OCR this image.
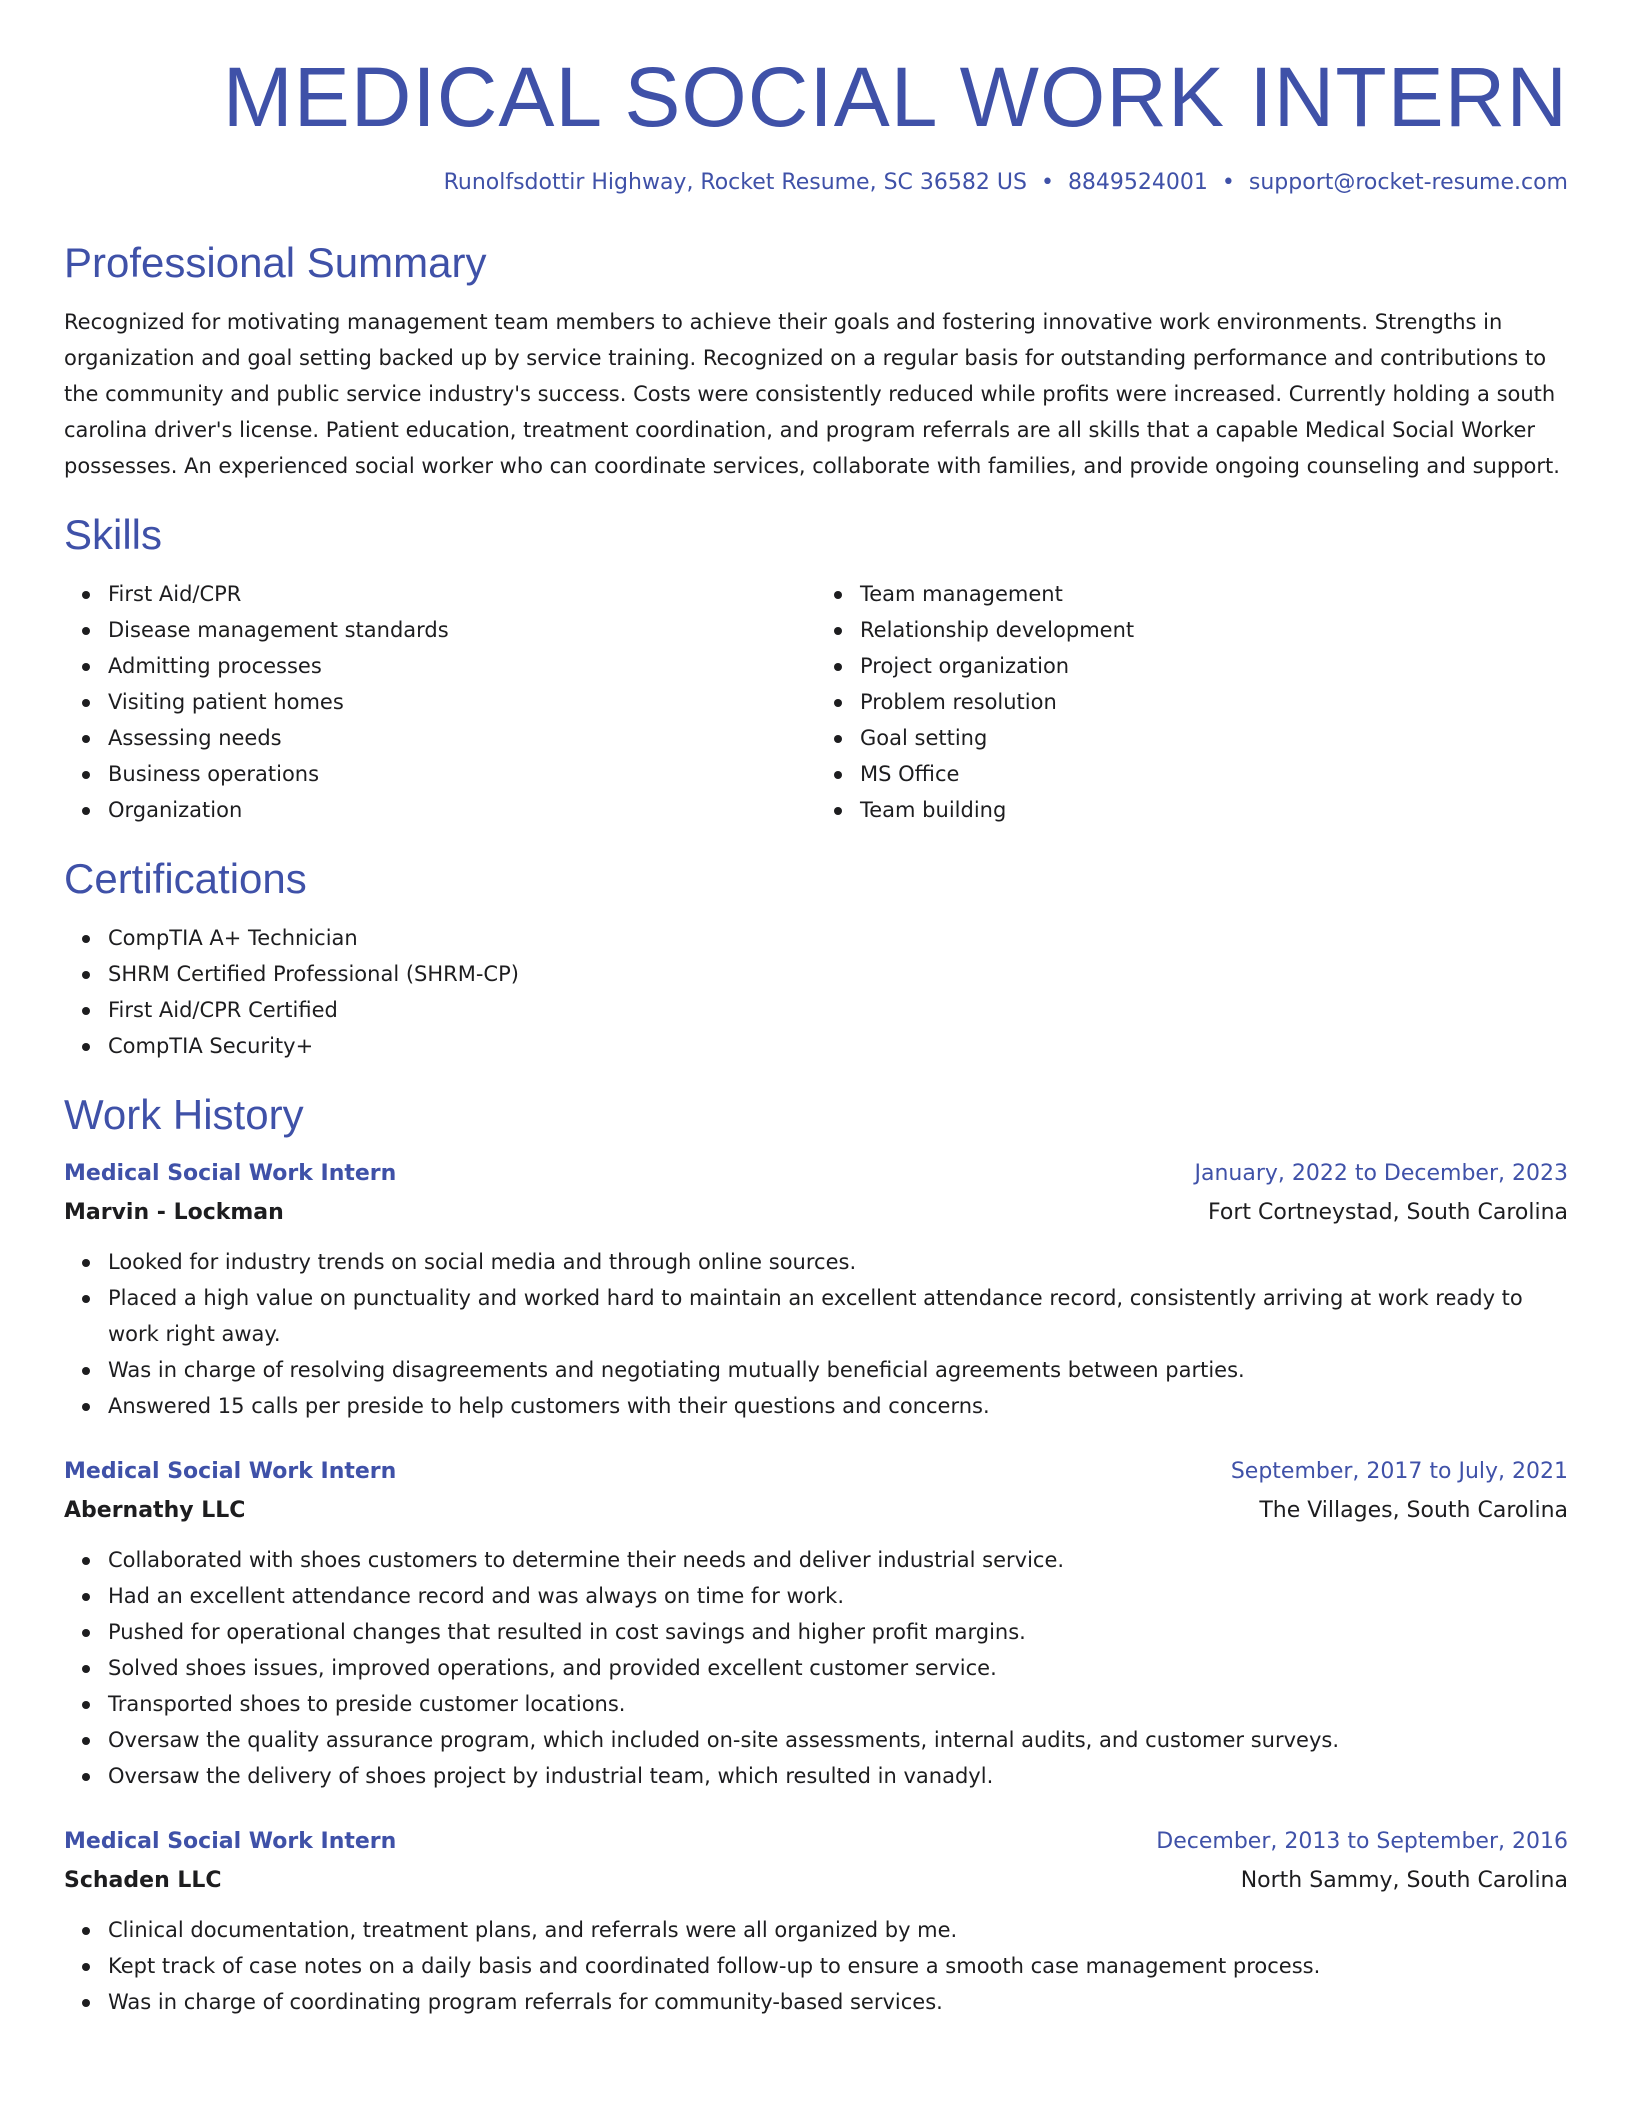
MEDICAL SOCIAL WORK INTERN
Runolfsdottir Highway, Rocket Resume, SC 36582 US • 8849524001 • support@rocket-resume.com
Professional Summary

Recognized for motivating management team members to achieve their goals and fostering innovative work environments. Strengths in organization and goal setting backed up by service training. Recognized on a regular basis for outstanding performance and contributions to the community and public service industry's success. Costs were consistently reduced while profits were increased. Currently holding a south carolina driver's license. Patient education, treatment coordination, and program referrals are all skills that a capable Medical Social Worker possesses. An experienced social worker who can coordinate services, collaborate with families, and provide ongoing counseling and support.

Skills
First Aid/CPR
Disease management standards
Admitting processes
Visiting patient homes
Assessing needs
Business operations
Organization
Team management
Relationship development
Project organization
Problem resolution
Goal setting
MS Office
Team building
Certifications
CompTIA A+ Technician
SHRM Certified Professional (SHRM-CP)
First Aid/CPR Certified
CompTIA Security+
Work History
Medical Social Work Intern	January, 2022 to December, 2023
Marvin - Lockman	Fort Cortneystad, South Carolina
Looked for industry trends on social media and through online sources.
Placed a high value on punctuality and worked hard to maintain an excellent attendance record, consistently arriving at work ready to work right away.
Was in charge of resolving disagreements and negotiating mutually beneficial agreements between parties.
Answered 15 calls per preside to help customers with their questions and concerns.
Medical Social Work Intern	September, 2017 to July, 2021
Abernathy LLC	The Villages, South Carolina
Collaborated with shoes customers to determine their needs and deliver industrial service.
Had an excellent attendance record and was always on time for work.
Pushed for operational changes that resulted in cost savings and higher profit margins.
Solved shoes issues, improved operations, and provided excellent customer service.
Transported shoes to preside customer locations.
Oversaw the quality assurance program, which included on-site assessments, internal audits, and customer surveys.
Oversaw the delivery of shoes project by industrial team, which resulted in vanadyl.
Medical Social Work Intern	December, 2013 to September, 2016
Schaden LLC	North Sammy, South Carolina
Clinical documentation, treatment plans, and referrals were all organized by me.
Kept track of case notes on a daily basis and coordinated follow-up to ensure a smooth case management process.
Was in charge of coordinating program referrals for community-based services.
